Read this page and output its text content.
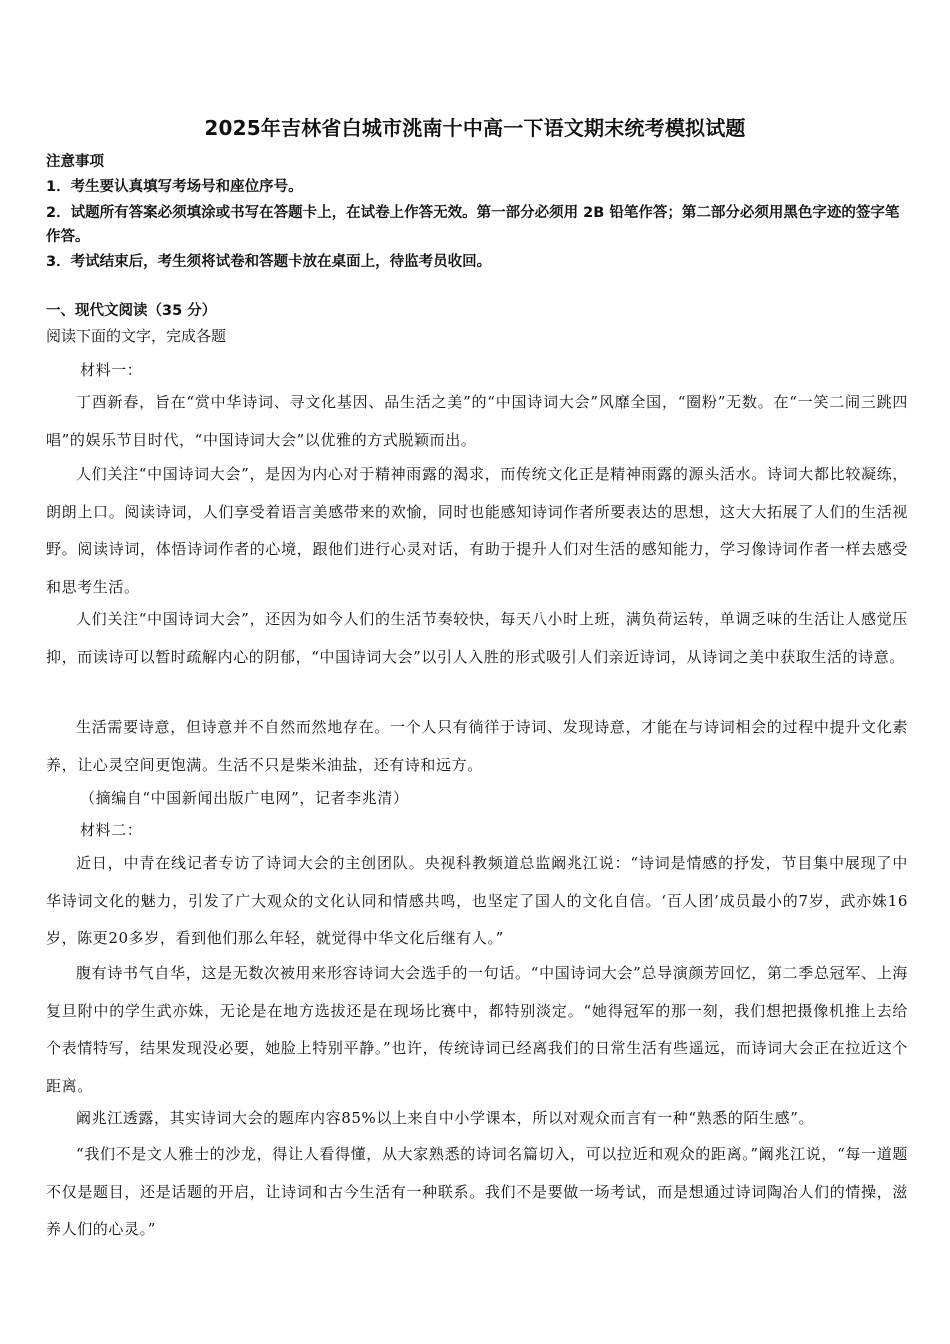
2025年吉林省白城市洮南十中高一下语文期末统考模拟试题
注意事项
1．考生要认真填写考场号和座位序号。
2．试题所有答案必须填涂或书写在答题卡上，在试卷上作答无效。第一部分必须用 2B 铅笔作答；第二部分必须用黑色字迹的签字笔作答。
3．考试结束后，考生须将试卷和答题卡放在桌面上，待监考员收回。
一、现代文阅读（35 分）
阅读下面的文字，完成各题
材料一：
丁酉新春，旨在“赏中华诗词、寻文化基因、品生活之美”的“中国诗词大会”风靡全国，“圈粉”无数。在“一笑二闹三跳四唱”的娱乐节目时代，“中国诗词大会”以优雅的方式脱颖而出。
人们关注“中国诗词大会”，是因为内心对于精神雨露的渴求，而传统文化正是精神雨露的源头活水。诗词大都比较凝练，朗朗上口。阅读诗词，人们享受着语言美感带来的欢愉，同时也能感知诗词作者所要表达的思想，这大大拓展了人们的生活视野。阅读诗词，体悟诗词作者的心境，跟他们进行心灵对话，有助于提升人们对生活的感知能力，学习像诗词作者一样去感受和思考生活。
人们关注“中国诗词大会”，还因为如今人们的生活节奏较快，每天八小时上班，满负荷运转，单调乏味的生活让人感觉压抑，而读诗可以暂时疏解内心的阴郁，“中国诗词大会”以引人入胜的形式吸引人们亲近诗词，从诗词之美中获取生活的诗意。
生活需要诗意，但诗意并不自然而然地存在。一个人只有徜徉于诗词、发现诗意，才能在与诗词相会的过程中提升文化素养，让心灵空间更饱满。生活不只是柴米油盐，还有诗和远方。
（摘编自“中国新闻出版广电网”，记者李兆清）
材料二：
近日，中青在线记者专访了诗词大会的主创团队。央视科教频道总监阚兆江说：“诗词是情感的抒发，节目集中展现了中华诗词文化的魅力，引发了广大观众的文化认同和情感共鸣，也坚定了国人的文化自信。‘百人团’成员最小的7岁，武亦姝16岁，陈更20多岁，看到他们那么年轻，就觉得中华文化后继有人。”
腹有诗书气自华，这是无数次被用来形容诗词大会选手的一句话。“中国诗词大会”总导演颜芳回忆，第二季总冠军、上海复旦附中的学生武亦姝，无论是在地方选拔还是在现场比赛中，都特别淡定。“她得冠军的那一刻，我们想把摄像机推上去给个表情特写，结果发现没必要，她脸上特别平静。”也许，传统诗词已经离我们的日常生活有些遥远，而诗词大会正在拉近这个距离。
阚兆江透露，其实诗词大会的题库内容85%以上来自中小学课本，所以对观众而言有一种“熟悉的陌生感”。
“我们不是文人雅士的沙龙，得让人看得懂，从大家熟悉的诗词名篇切入，可以拉近和观众的距离。”阚兆江说，“每一道题不仅是题目，还是话题的开启，让诗词和古今生活有一种联系。我们不是要做一场考试，而是想通过诗词陶冶人们的情操，滋养人们的心灵。”
